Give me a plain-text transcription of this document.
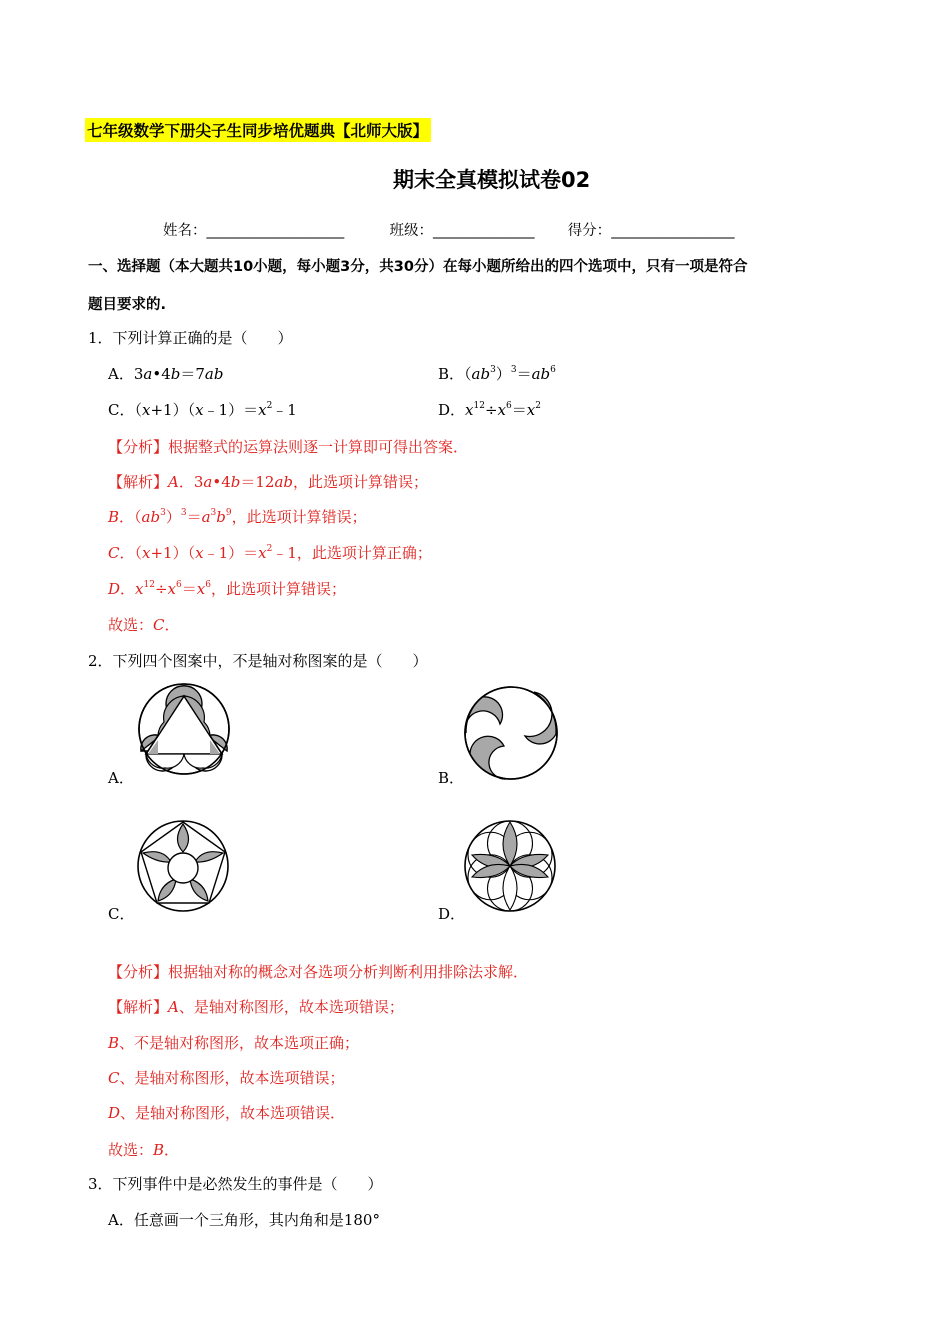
七年级数学下册尖子生同步培优题典【北师大版】
期末全真模拟试卷02
姓名：___________________	班级：______________ 得分：_________________
一、选择题（本大题共10小题，每小题3分，共30分）在每小题所给出的四个选项中，只有一项是符合
题目要求的.
1．下列计算正确的是（　　）
A．3a•4b＝7ab	B．$(ab^3)^3=ab^6$
C．$(x+1)(x﹣1)=x^2﹣1$	D．$x^{12}\div x^6=x^2$
【分析】根据整式的运算法则逐一计算即可得出答案．
【解析】A．3a•4b＝12ab，此选项计算错误；
B．$(ab^3)^3=a^3b^9$，此选项计算错误；
C．$(x+1)(x﹣1)=x^2﹣1$，此选项计算正确；
D．$x^{12}\div x^6=x^6$，此选项计算错误；
故选：C．
2．下列四个图案中，不是轴对称图案的是（　　）
A．	B．
C．	D．
【分析】根据轴对称的概念对各选项分析判断利用排除法求解．
【解析】A、是轴对称图形，故本选项错误；
B、不是轴对称图形，故本选项正确；
C、是轴对称图形，故本选项错误；
D、是轴对称图形，故本选项错误．
故选：B．
3．下列事件中是必然发生的事件是（　　）
A．任意画一个三角形，其内角和是180°
